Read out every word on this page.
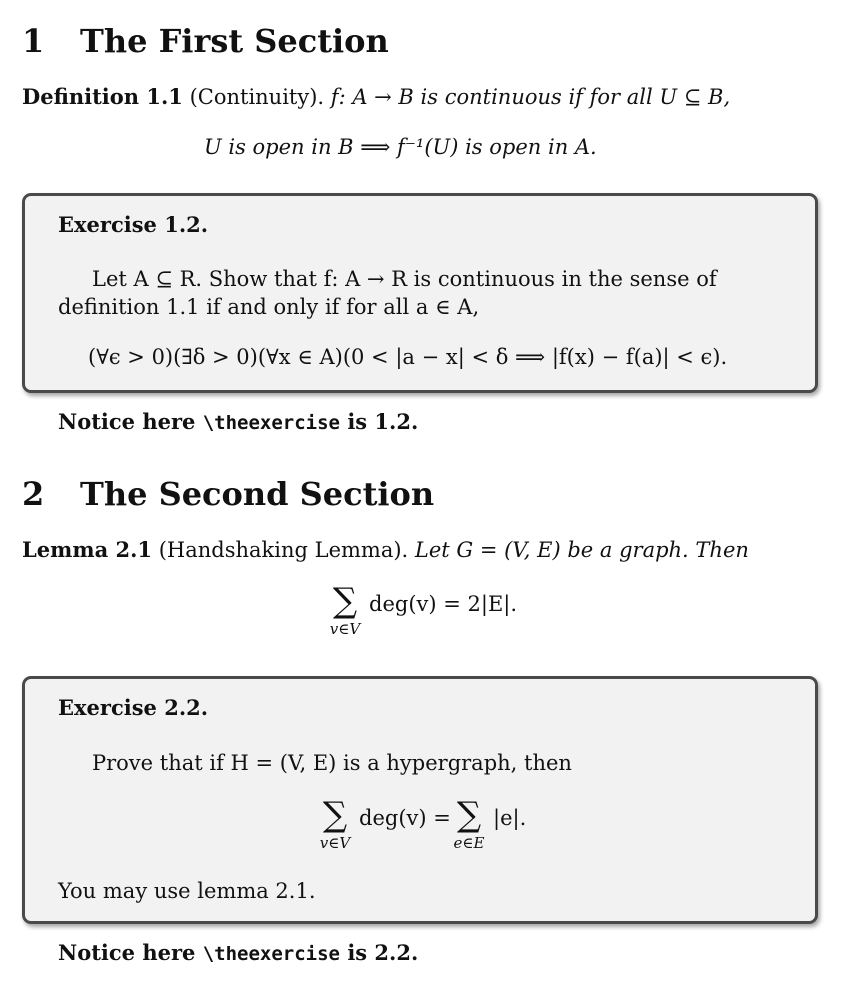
1 The First Section
Definition 1.1 (Continuity). f: A → B is continuous if for all U ⊆ B,
U is open in B ⟹ f⁻¹(U) is open in A.
Exercise 1.2.
Let A ⊆ R. Show that f: A → R is continuous in the sense of
definition 1.1 if and only if for all a ∈ A,
(∀ϵ > 0)(∃δ > 0)(∀x ∈ A)(0 < |a − x| < δ ⟹ |f(x) − f(a)| < ϵ).
Notice here \theexercise is 1.2.
2 The Second Section
Lemma 2.1 (Handshaking Lemma). Let G = (V, E) be a graph. Then
∑
v∈V
deg(v) = 2|E|.
Exercise 2.2.
Prove that if H = (V, E) is a hypergraph, then
∑
v∈V
deg(v) = ∑
e∈E
|e|.
You may use lemma 2.1.
Notice here \theexercise is 2.2.
